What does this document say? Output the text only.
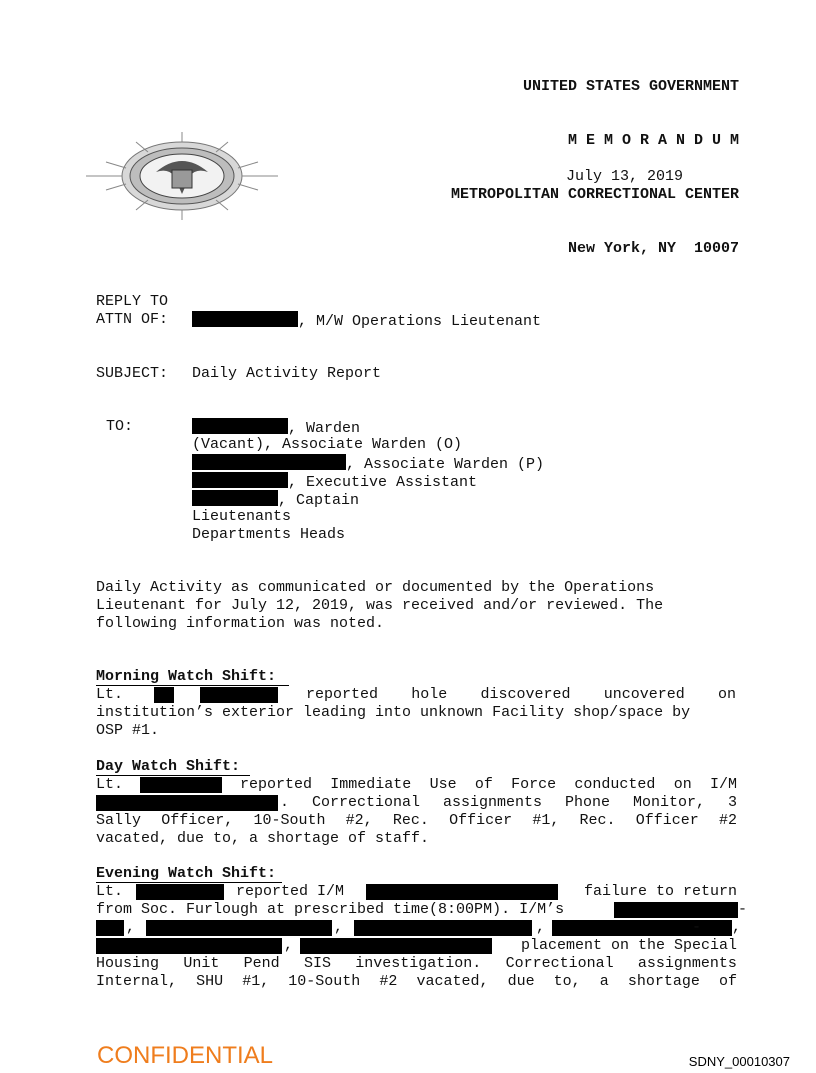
UNITED STATES GOVERNMENT

M E M O R A N D U M

METROPOLITAN CORRECTIONAL CENTER

New York, NY  10007

July 13, 2019
REPLY TO
ATTN OF:	, M/W Operations Lieutenant
SUBJECT: Daily Activity Report
TO:	, Warden
(Vacant), Associate Warden (O)
, Associate Warden (P)
, Executive Assistant
, Captain
Lieutenants
Departments Heads
Daily Activity as communicated or documented by the Operations
Lieutenant for July 12, 2019, was received and/or reviewed. The
following information was noted.
Morning Watch Shift:
Lt.	reported hole discovered uncovered on
institution’s exterior leading into unknown Facility shop/space by
OSP #1.
Day Watch Shift:
Lt.	reported Immediate Use of Force conducted on I/M
. Correctional assignments Phone Monitor, 3
Sally Officer, 10-South #2, Rec. Officer #1, Rec. Officer #2
vacated, due to, a shortage of staff.
Evening Watch Shift:
Lt.	reported I/M	failure to return
from Soc. Furlough at prescribed time(8:00PM). I/M’s	-
,	,	,	- ,
,	placement on the Special
Housing Unit Pend SIS investigation. Correctional assignments
Internal, SHU #1, 10-South #2 vacated, due to, a shortage of
CONFIDENTIAL	SDNY_00010307
